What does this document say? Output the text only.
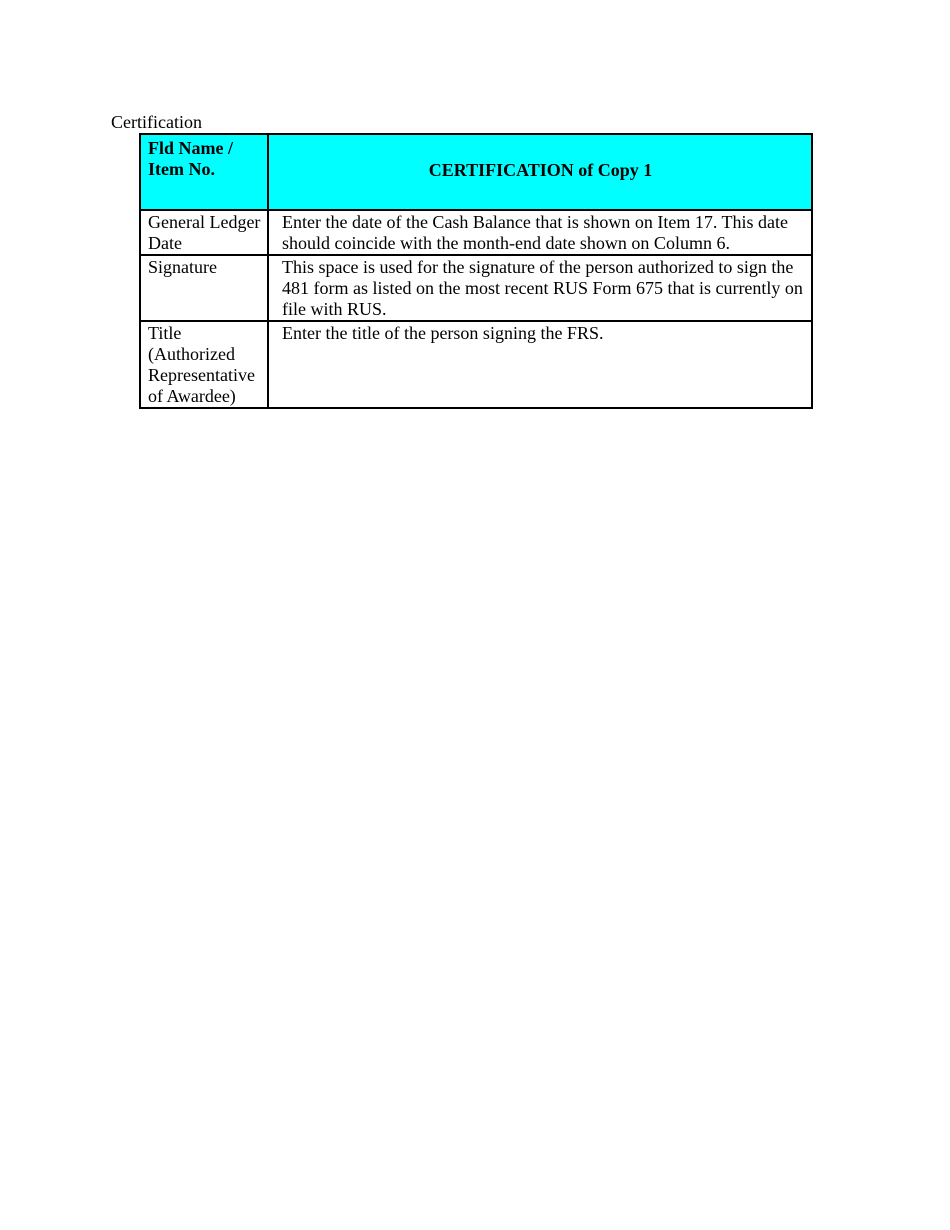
Certification
Fld Name / Item No.	CERTIFICATION of Copy 1
General Ledger Date	Enter the date of the Cash Balance that is shown on Item 17. This date should coincide with the month-end date shown on Column 6.
Signature	This space is used for the signature of the person authorized to sign the 481 form as listed on the most recent RUS Form 675 that is currently on file with RUS.
Title (Authorized Representative of Awardee)	Enter the title of the person signing the FRS.
